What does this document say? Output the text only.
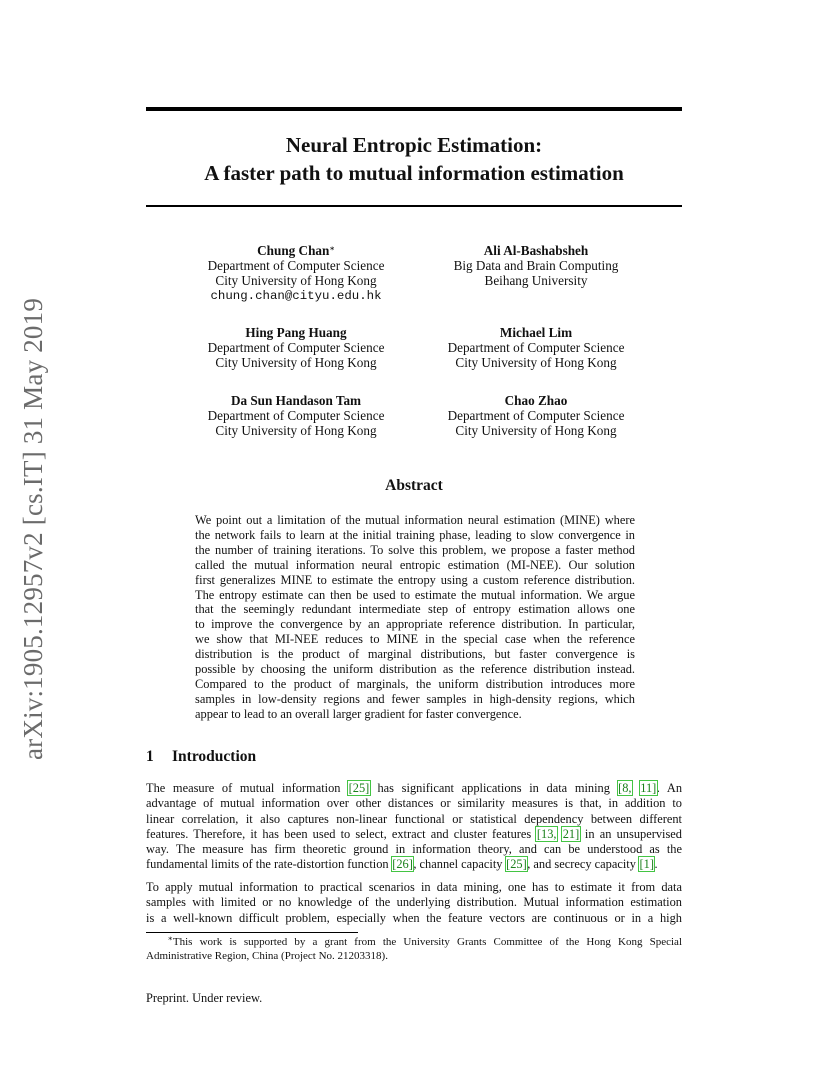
arXiv:1905.12957v2 [cs.IT] 31 May 2019
Neural Entropic Estimation:
A faster path to mutual information estimation
Chung Chan∗
Department of Computer Science
City University of Hong Kong
chung.chan@cityu.edu.hk
Ali Al-Bashabsheh
Big Data and Brain Computing
Beihang University
Hing Pang Huang
Department of Computer Science
City University of Hong Kong
Michael Lim
Department of Computer Science
City University of Hong Kong
Da Sun Handason Tam
Department of Computer Science
City University of Hong Kong
Chao Zhao
Department of Computer Science
City University of Hong Kong
Abstract
We point out a limitation of the mutual information neural estimation (MINE) where
the network fails to learn at the initial training phase, leading to slow convergence in
the number of training iterations. To solve this problem, we propose a faster method
called the mutual information neural entropic estimation (MI-NEE). Our solution
first generalizes MINE to estimate the entropy using a custom reference distribution.
The entropy estimate can then be used to estimate the mutual information. We argue
that the seemingly redundant intermediate step of entropy estimation allows one
to improve the convergence by an appropriate reference distribution. In particular,
we show that MI-NEE reduces to MINE in the special case when the reference
distribution is the product of marginal distributions, but faster convergence is
possible by choosing the uniform distribution as the reference distribution instead.
Compared to the product of marginals, the uniform distribution introduces more
samples in low-density regions and fewer samples in high-density regions, which
appear to lead to an overall larger gradient for faster convergence.
1 Introduction
The measure of mutual information [25] has significant applications in data mining [8, 11]. An
advantage of mutual information over other distances or similarity measures is that, in addition to
linear correlation, it also captures non-linear functional or statistical dependency between different
features. Therefore, it has been used to select, extract and cluster features [13, 21] in an unsupervised
way. The measure has firm theoretic ground in information theory, and can be understood as the
fundamental limits of the rate-distortion function [26], channel capacity [25], and secrecy capacity [1].
To apply mutual information to practical scenarios in data mining, one has to estimate it from data
samples with limited or no knowledge of the underlying distribution. Mutual information estimation
is a well-known difficult problem, especially when the feature vectors are continuous or in a high
∗This work is supported by a grant from the University Grants Committee of the Hong Kong Special
Administrative Region, China (Project No. 21203318).
Preprint. Under review.
